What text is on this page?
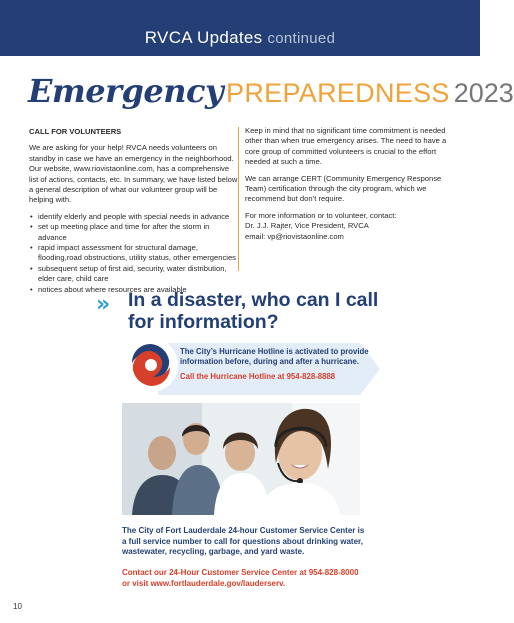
RVCA Updates continued
Emergency PREPAREDNESS 2023
CALL FOR VOLUNTEERS

We are asking for your help! RVCA needs volunteers on standby in case we have an emergency in the neighborhood. Our website, www.riovistaonline.com, has a comprehensive list of actions, contacts, etc. In summary, we have listed below a general description of what our volunteer group will be helping with.

• identify elderly and people with special needs in advance
• set up meeting place and time for after the storm in advance
• rapid impact assessment for structural damage, flooding,road obstructions, utility status, other emergencies
• subsequent setup of first aid, security, water distribution, elder care, child care
• notices about where resources are available

Keep in mind that no significant time commitment is needed other than when true emergency arises. The need to have a core group of committed volunteers is crucial to the effort needed at such a time.

We can arrange CERT (Community Emergency Response Team) certification through the city program, which we recommend but don’t require.

For more information or to volunteer, contact:
Dr. J.J. Rajter, Vice President, RVCA
email: vp@riovistaonline.com
» In a disaster, who can I call
for information?
The City’s Hurricane Hotline is activated to provide information before, during and after a hurricane.
Call the Hurricane Hotline at 954-828-8888
The City of Fort Lauderdale 24-hour Customer Service Center is a full service number to call for questions about drinking water, wastewater, recycling, garbage, and yard waste.
Contact our 24-Hour Customer Service Center at 954-828-8000 or visit www.fortlauderdale.gov/lauderserv.
10
